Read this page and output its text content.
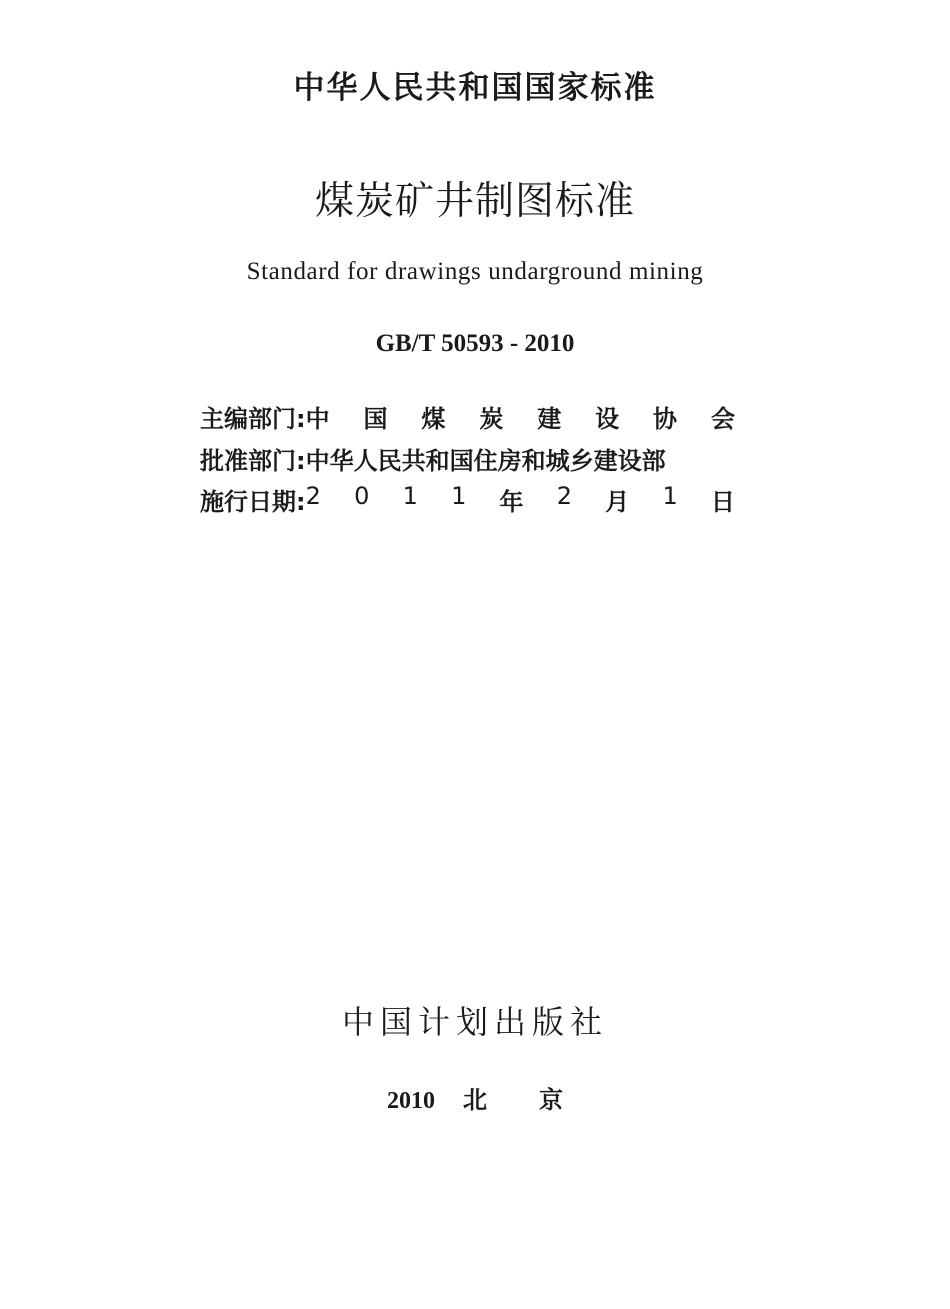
中华人民共和国国家标准
煤炭矿井制图标准
Standard for drawings undarground mining
GB/T 50593 - 2010
主编部门: 中 国 煤 炭 建 设 协 会
批准部门: 中华人民共和国住房和城乡建设部
施行日期: 2 0 1 1 年 2 月 1 日
中国计划出版社
2010 北 京
